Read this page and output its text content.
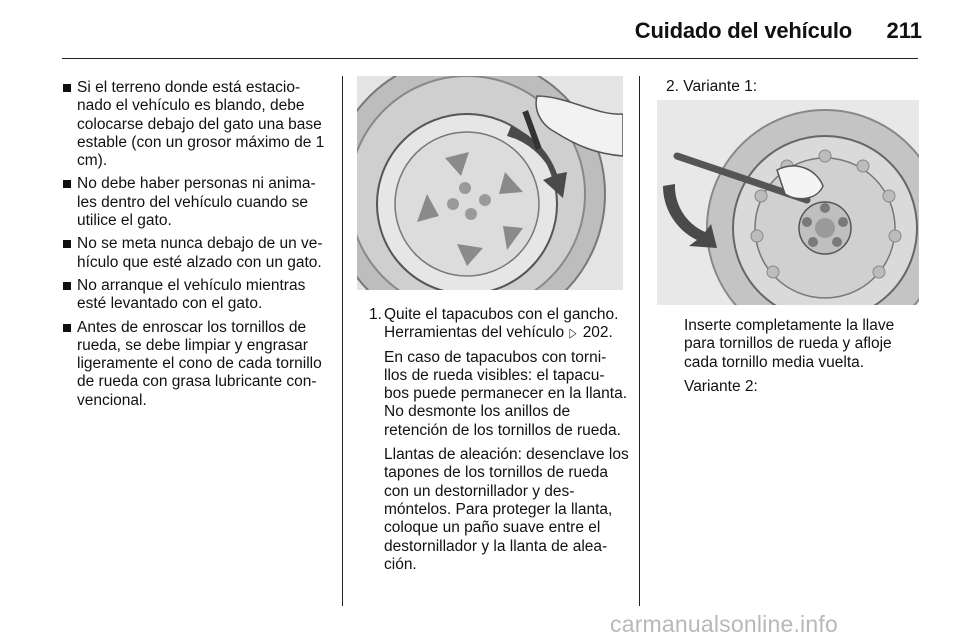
Cuidado del vehículo	211
Si el terreno donde está estacio-nado el vehículo es blando, debe colocarse debajo del gato una base estable (con un grosor máximo de 1 cm).
No debe haber personas ni anima-les dentro del vehículo cuando se utilice el gato.
No se meta nunca debajo de un ve-hículo que esté alzado con un gato.
No arranque el vehículo mientras esté levantado con el gato.
Antes de enroscar los tornillos de rueda, se debe limpiar y engrasar ligeramente el cono de cada tornillo de rueda con grasa lubricante con-vencional.
1. Quite el tapacubos con el gancho. Herramientas del vehículo ▷ 202.

En caso de tapacubos con torni-llos de rueda visibles: el tapacu-bos puede permanecer en la llanta. No desmonte los anillos de retención de los tornillos de rueda.

Llantas de aleación: desenclave los tapones de los tornillos de rueda con un destornillador y des-móntelos. Para proteger la llanta, coloque un paño suave entre el destornillador y la llanta de alea-ción.

2. Variante 1:

Inserte completamente la llave para tornillos de rueda y afloje cada tornillo media vuelta.

Variante 2:

carmanualsonline.info
